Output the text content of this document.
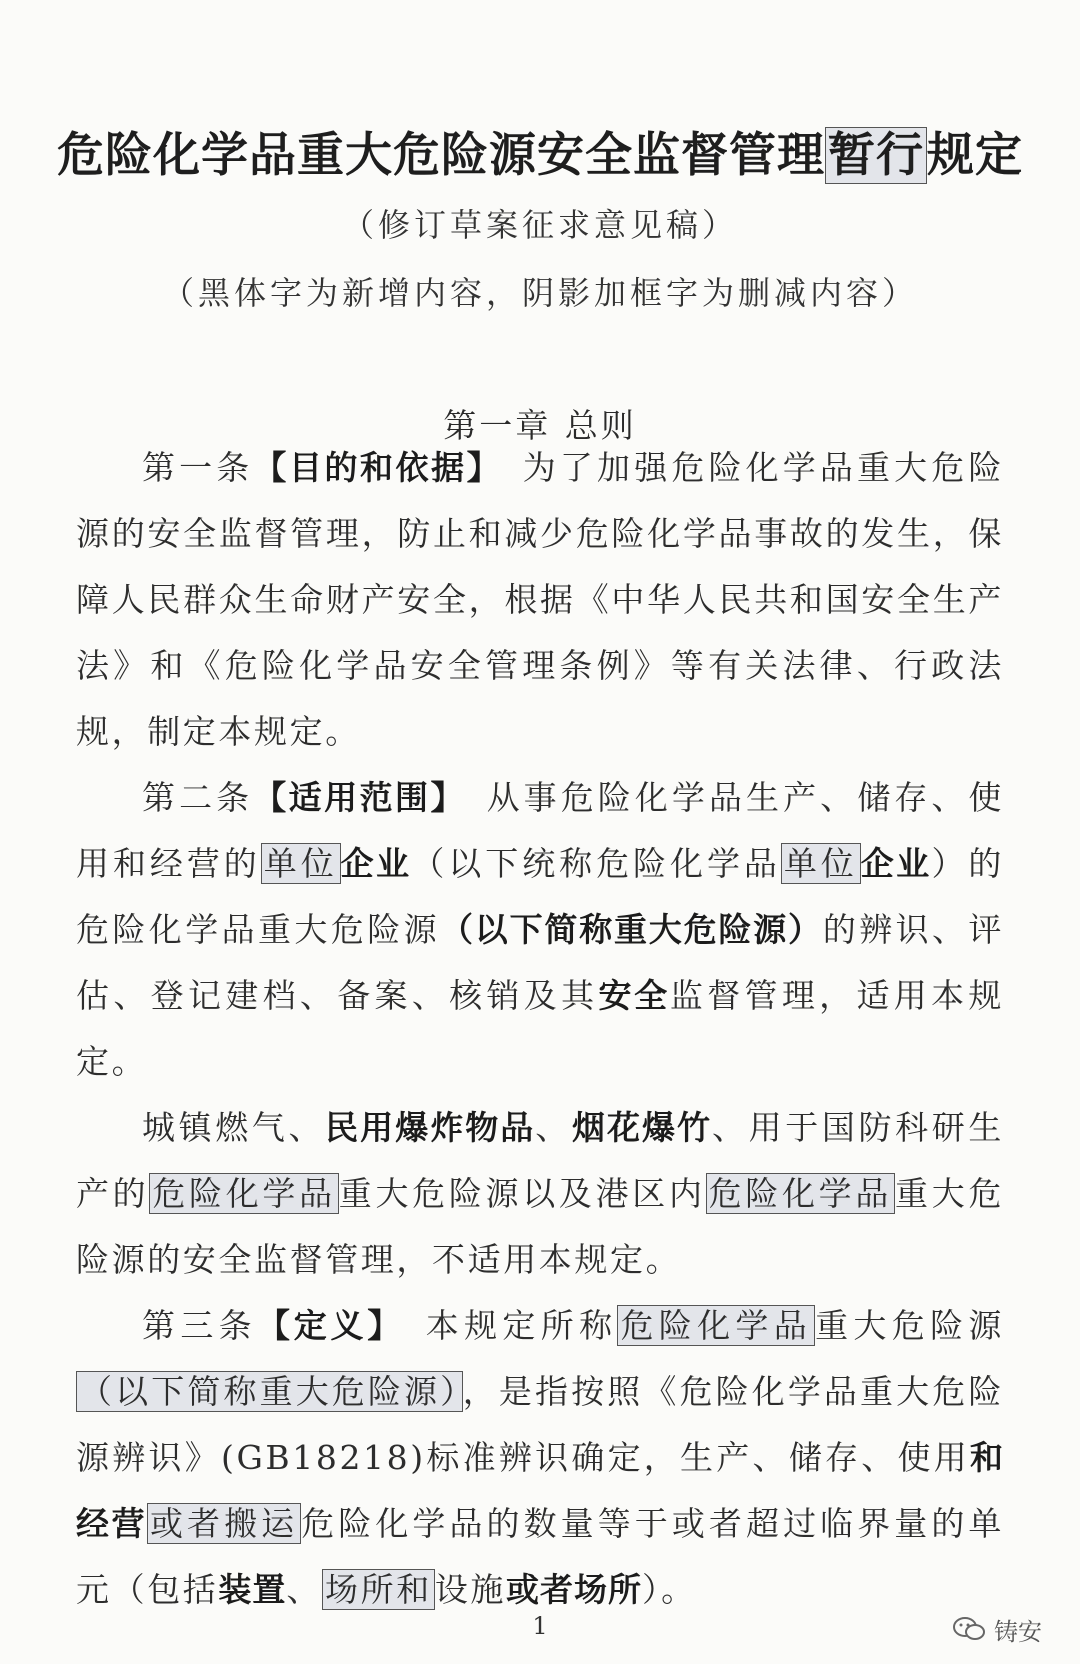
危险化学品重大危险源安全监督管理暂行规定
（修订草案征求意见稿）
（黑体字为新增内容，阴影加框字为删减内容）
第一章 总则

第一条【目的和依据】　为了加强危险化学品重大危险源的安全监督管理，防止和减少危险化学品事故的发生，保障人民群众生命财产安全，根据《中华人民共和国安全生产法》和《危险化学品安全管理条例》等有关法律、行政法规，制定本规定。

第二条【适用范围】　从事危险化学品生产、储存、使用和经营的单位企业（以下统称危险化学品单位企业）的危险化学品重大危险源（以下简称重大危险源）的辨识、评估、登记建档、备案、核销及其安全监督管理，适用本规定。

城镇燃气、民用爆炸物品、烟花爆竹、用于国防科研生产的危险化学品重大危险源以及港区内危险化学品重大危险源的安全监督管理，不适用本规定。

第三条【定义】　本规定所称危险化学品重大危险源（以下简称重大危险源），是指按照《危险化学品重大危险源辨识》(GB18218)标准辨识确定，生产、储存、使用和经营或者搬运危险化学品的数量等于或者超过临界量的单元（包括装置、场所和设施或者场所）。

1	铸安
